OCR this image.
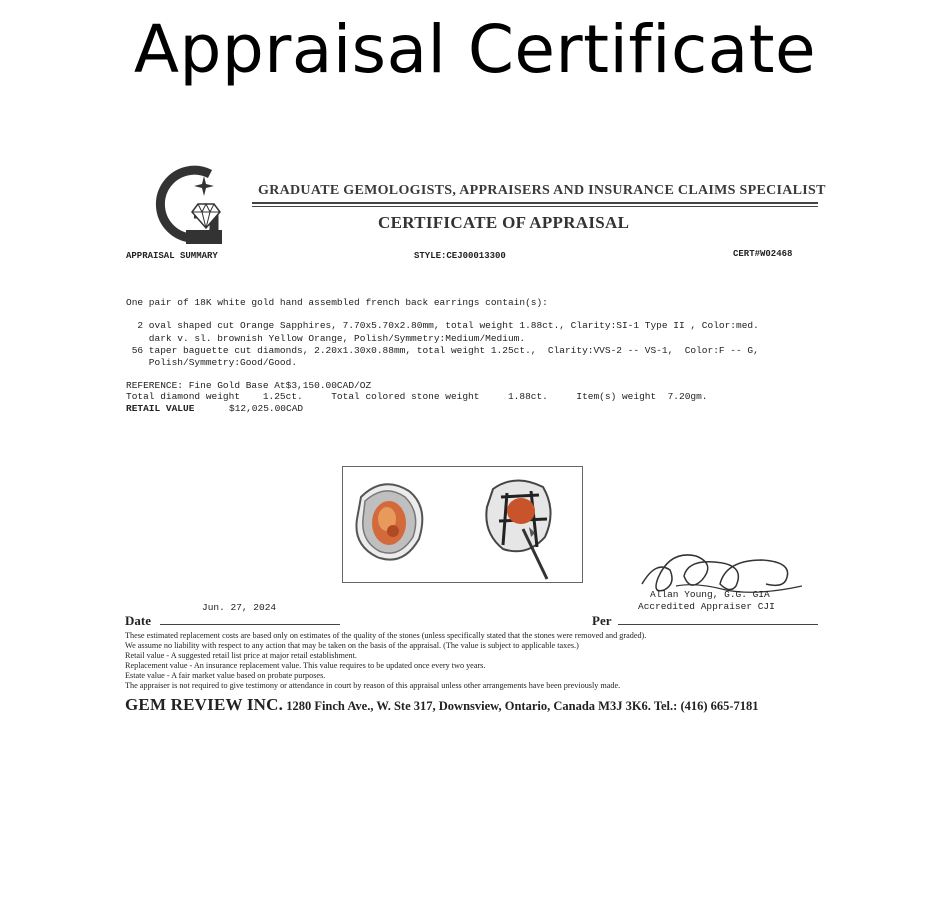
Appraisal Certificate
GRADUATE GEMOLOGISTS, APPRAISERS AND INSURANCE CLAIMS SPECIALIST
CERTIFICATE OF APPRAISAL
APPRAISAL SUMMARY	STYLE:CEJ00013300	CERT#W02468
One pair of 18K white gold hand assembled french back earrings contain(s):
2 oval shaped cut Orange Sapphires, 7.70x5.70x2.80mm, total weight 1.88ct., Clarity:SI-1 Type II , Color:med.
dark v. sl. brownish Yellow Orange, Polish/Symmetry:Medium/Medium.
56 taper baguette cut diamonds, 2.20x1.30x0.88mm, total weight 1.25ct.,  Clarity:VVS-2 -- VS-1,  Color:F -- G,
Polish/Symmetry:Good/Good.
REFERENCE: Fine Gold Base At$3,150.00CAD/OZ
Total diamond weight    1.25ct.     Total colored stone weight     1.88ct.     Item(s) weight  7.20gm.
RETAIL VALUE	$12,025.00CAD
Allan Young, G.G. GIA
Accredited Appraiser CJI
Jun. 27, 2024
Date	Per
These estimated replacement costs are based only on estimates of the quality of the stones (unless specifically stated that the stones were removed and graded).
We assume no liability with respect to any action that may be taken on the basis of the appraisal. (The value is subject to applicable taxes.)
Retail value - A suggested retail list price at major retail establishment.
Replacement value - An insurance replacement value. This value requires to be updated once every two years.
Estate value - A fair market value based on probate purposes.
The appraiser is not required to give testimony or attendance in court by reason of this appraisal unless other arrangements have been previously made.
GEM REVIEW INC. 1280 Finch Ave., W. Ste 317, Downsview, Ontario, Canada M3J 3K6. Tel.: (416) 665-7181
